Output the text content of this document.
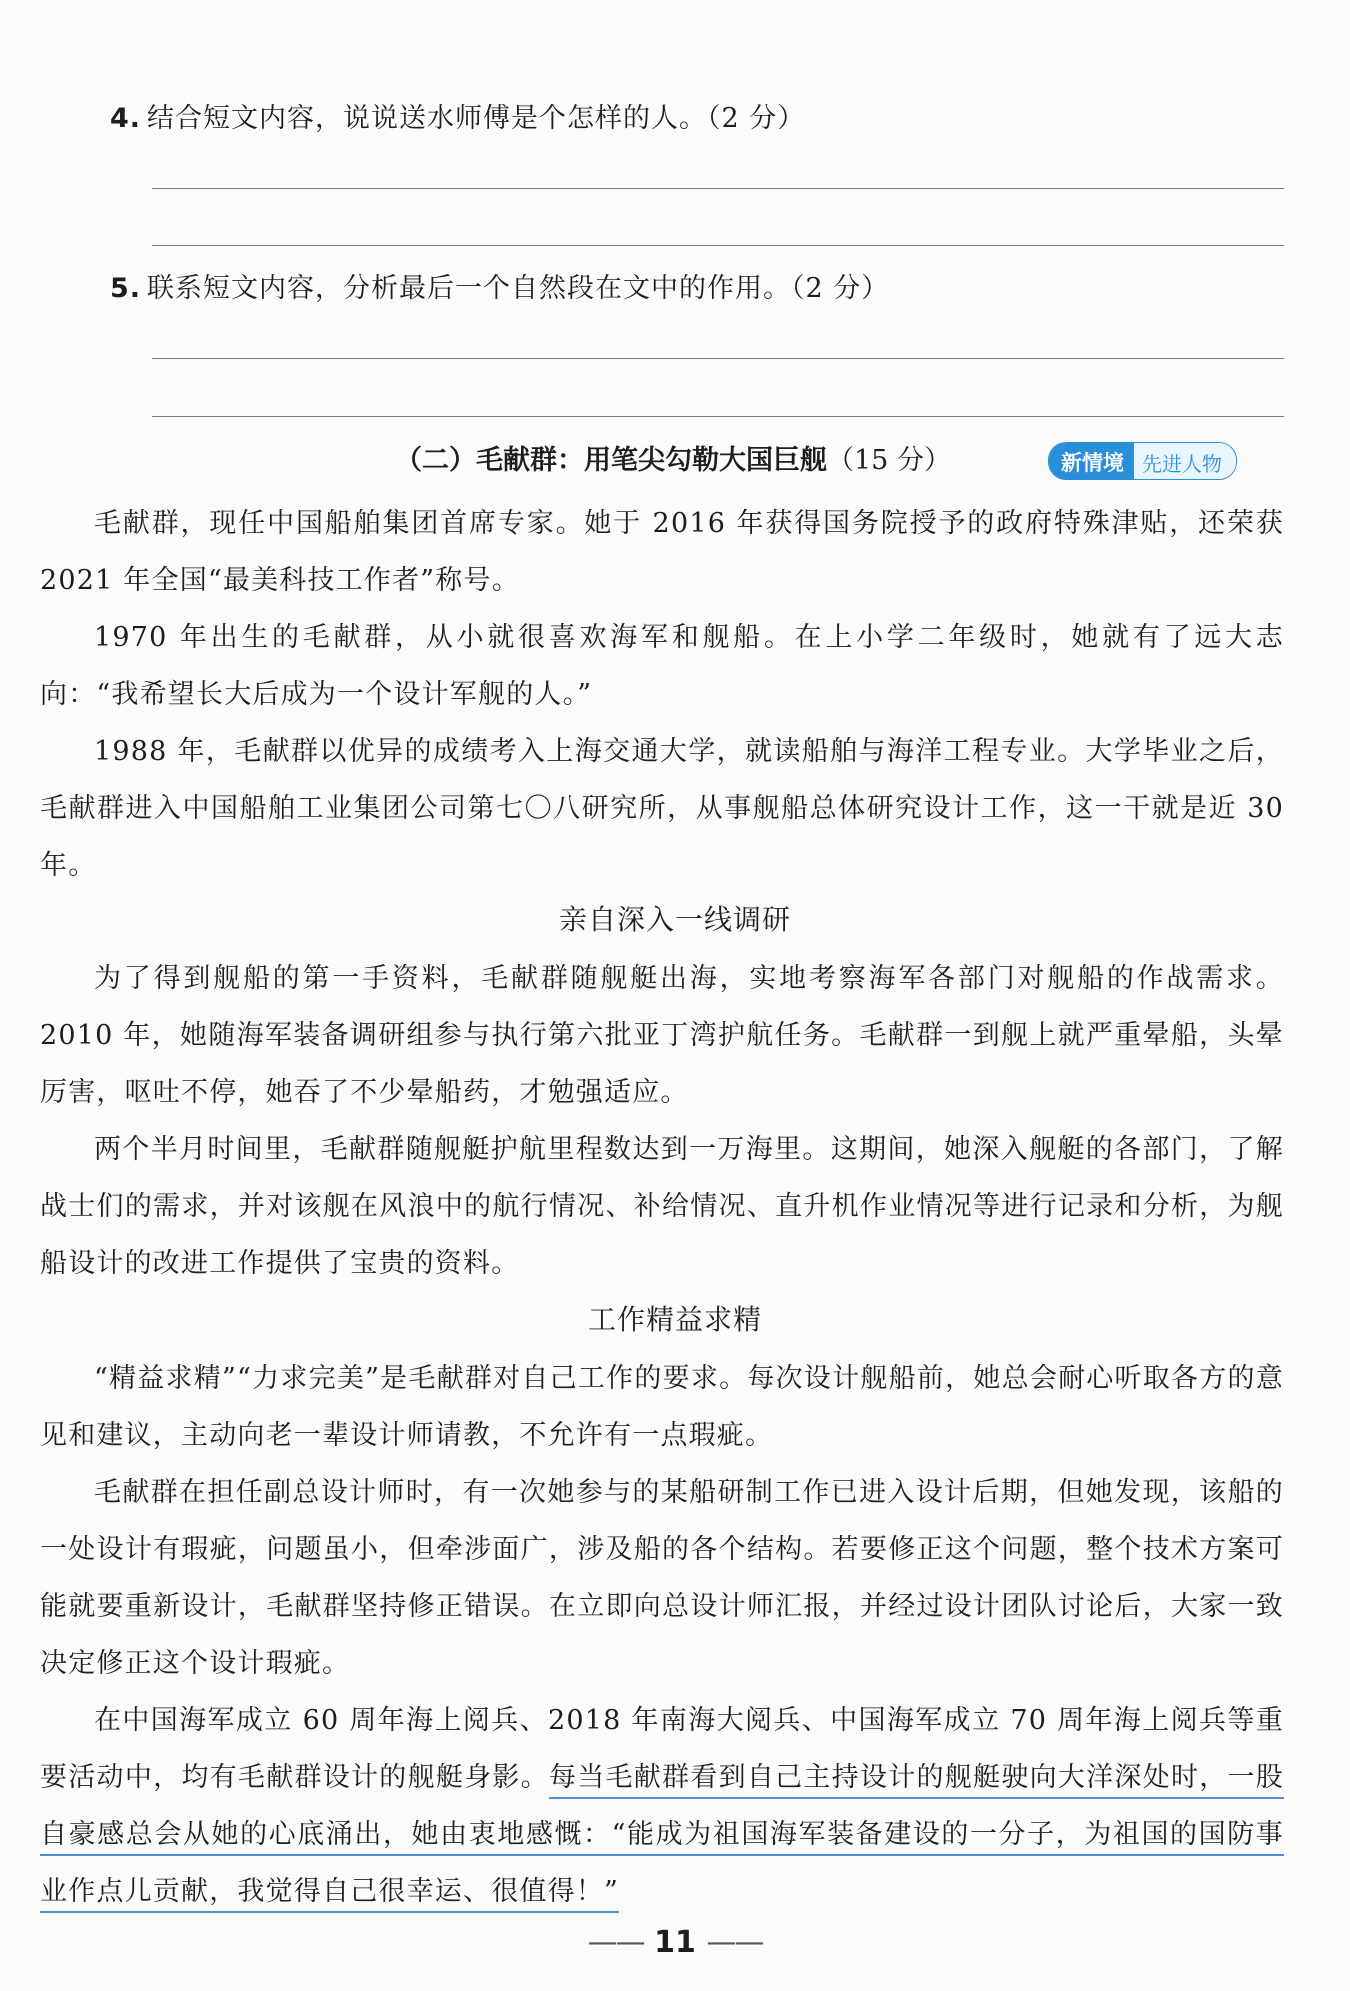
4. 结合短文内容，说说送水师傅是个怎样的人。（2 分）
5. 联系短文内容，分析最后一个自然段在文中的作用。（2 分）
（二）毛献群：用笔尖勾勒大国巨舰（15 分）	新情境 先进人物

毛献群，现任中国船舶集团首席专家。她于 2016 年获得国务院授予的政府特殊津贴，还荣获 2021 年全国“最美科技工作者”称号。

1970 年出生的毛献群，从小就很喜欢海军和舰船。在上小学二年级时，她就有了远大志向：“我希望长大后成为一个设计军舰的人。”

1988 年，毛献群以优异的成绩考入上海交通大学，就读船舶与海洋工程专业。大学毕业之后，毛献群进入中国船舶工业集团公司第七〇八研究所，从事舰船总体研究设计工作，这一干就是近 30 年。

亲自深入一线调研

为了得到舰船的第一手资料，毛献群随舰艇出海，实地考察海军各部门对舰船的作战需求。2010 年，她随海军装备调研组参与执行第六批亚丁湾护航任务。毛献群一到舰上就严重晕船，头晕厉害，呕吐不停，她吞了不少晕船药，才勉强适应。

两个半月时间里，毛献群随舰艇护航里程数达到一万海里。这期间，她深入舰艇的各部门，了解战士们的需求，并对该舰在风浪中的航行情况、补给情况、直升机作业情况等进行记录和分析，为舰船设计的改进工作提供了宝贵的资料。

工作精益求精

“精益求精”“力求完美”是毛献群对自己工作的要求。每次设计舰船前，她总会耐心听取各方的意见和建议，主动向老一辈设计师请教，不允许有一点瑕疵。

毛献群在担任副总设计师时，有一次她参与的某船研制工作已进入设计后期，但她发现，该船的一处设计有瑕疵，问题虽小，但牵涉面广，涉及船的各个结构。若要修正这个问题，整个技术方案可能就要重新设计，毛献群坚持修正错误。在立即向总设计师汇报，并经过设计团队讨论后，大家一致决定修正这个设计瑕疵。

在中国海军成立 60 周年海上阅兵、2018 年南海大阅兵、中国海军成立 70 周年海上阅兵等重要活动中，均有毛献群设计的舰艇身影。每当毛献群看到自己主持设计的舰艇驶向大洋深处时，一股自豪感总会从她的心底涌出，她由衷地感慨：“能成为祖国海军装备建设的一分子，为祖国的国防事业作点儿贡献，我觉得自己很幸运、很值得！”

—— 11 ——
